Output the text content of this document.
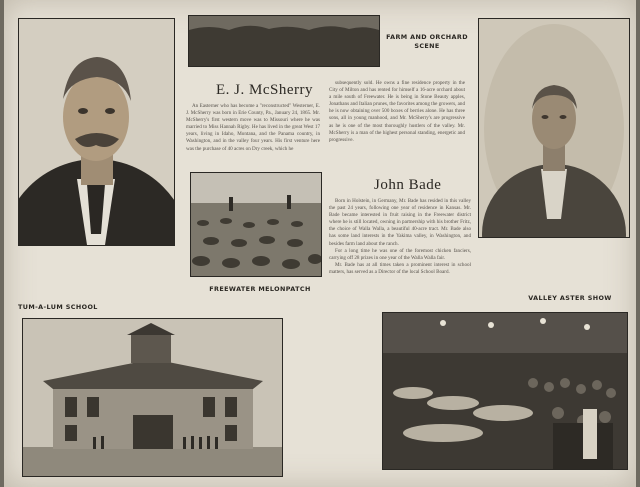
FARM AND ORCHARD
SCENE
E. J. McSherry

An Easterner who has become a "reconstructed" Westerner, E. J. McSherry was born in Erie County, Pa., January 24, 1865. Mr. McSherry's first western move was to Missouri where he was married to Miss Hannah Rigby. He has lived in the great West 17 years, living in Idaho, Montana, and the Panama country, in Washington, and in the valley four years. His first venture here was the purchase of 40 acres on Dry creek, which he

subsequently sold. He owns a fine residence property in the City of Milton and has rented for himself a 16-acre orchard about a mile south of Freewater. He is being in Stone Beauty apples, Jonathans and Italian prunes, the favorites among the growers, and he is now obtaining over 500 boxes of berries alone. He has three sons, all in young manhood, and Mr. McSherry's are progressive as he is one of the most thoroughly hustlers of the valley. Mr. McSherry is a man of the highest personal standing, energetic and progressive.

FREEWATER MELONPATCH
John Bade

Born in Holstein, in Germany, Mr. Bade has resided in this valley the past 24 years, following one year of residence in Kansas. Mr. Bade became interested in fruit raising in the Freewater district where he is still located, owning in partnership with his brother Fritz, the choice of Walla Walla, a beautiful 40-acre tract. Mr. Bade also has some land interests in the Yakima valley, in Washington, and besides farm land about the ranch.

For a long time he was one of the foremost chicken fanciers, carrying off 28 prizes in one year of the Walla Walla fair.

Mr. Bade has at all times taken a prominent interest in school matters, has served as a Director of the local School Board.

TUM-A-LUM SCHOOL
VALLEY ASTER SHOW
